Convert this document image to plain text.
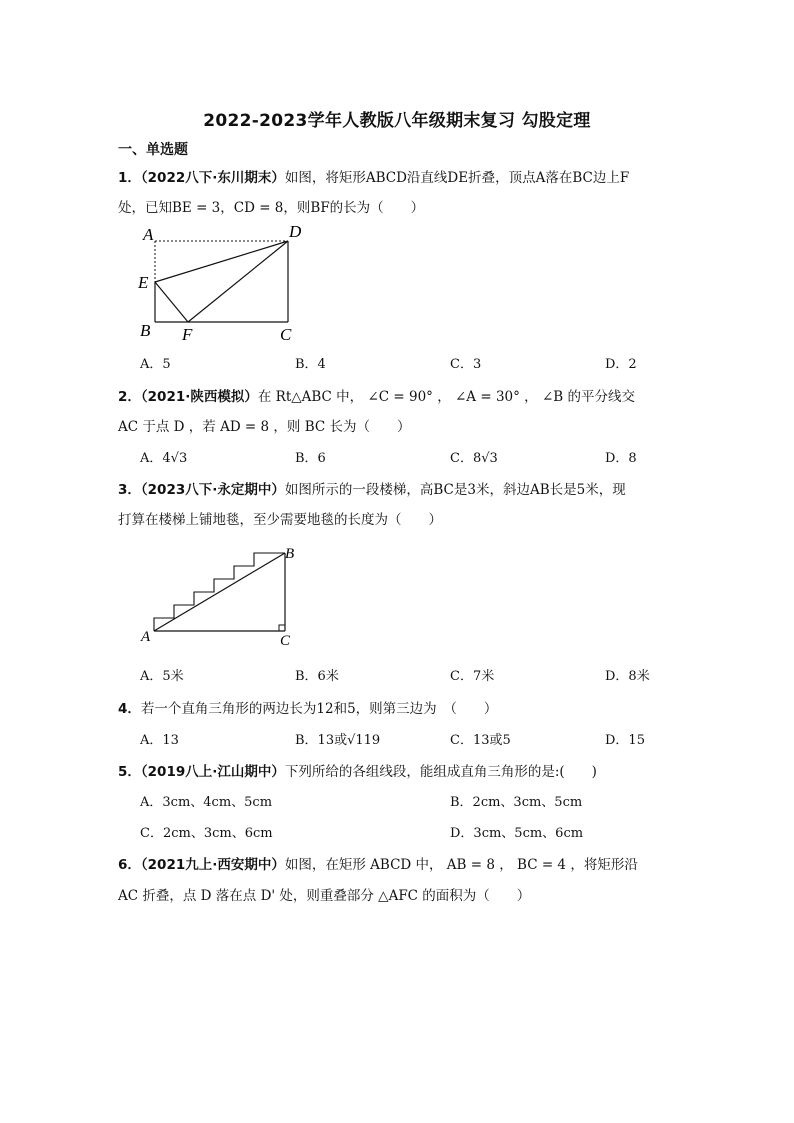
2022-2023学年人教版八年级期末复习 勾股定理
一、单选题
1．（2022八下·东川期末）如图，将矩形ABCD沿直线DE折叠，顶点A落在BC边上F
处，已知BE = 3，CD = 8，则BF的长为（　　）
A	D
E
B F	C
A．5	B．4	C．3	D．2
2．（2021·陕西模拟）在 Rt△ABC 中， ∠C = 90° ， ∠A = 30° ， ∠B 的平分线交
AC 于点 D ，若 AD = 8 ，则 BC 长为（　　）
A．4√3	B．6	C．8√3	D．8
3．（2023八下·永定期中）如图所示的一段楼梯，高BC是3米，斜边AB长是5米，现
打算在楼梯上铺地毯，至少需要地毯的长度为（　　）
B
A	C
A．5米	B．6米	C．7米	D．8米
4．若一个直角三角形的两边长为12和5，则第三边为　（　　）
A．13	B．13或√119	C．13或5	D．15
5．（2019八上·江山期中）下列所给的各组线段，能组成直角三角形的是:(　　)
A．3cm、4cm、5cm	B．2cm、3cm、5cm
C．2cm、3cm、6cm	D．3cm、5cm、6cm
6．（2021九上·西安期中）如图，在矩形 ABCD 中， AB = 8 ， BC = 4 ，将矩形沿
AC 折叠，点 D 落在点 D' 处，则重叠部分 △AFC 的面积为（　　）
